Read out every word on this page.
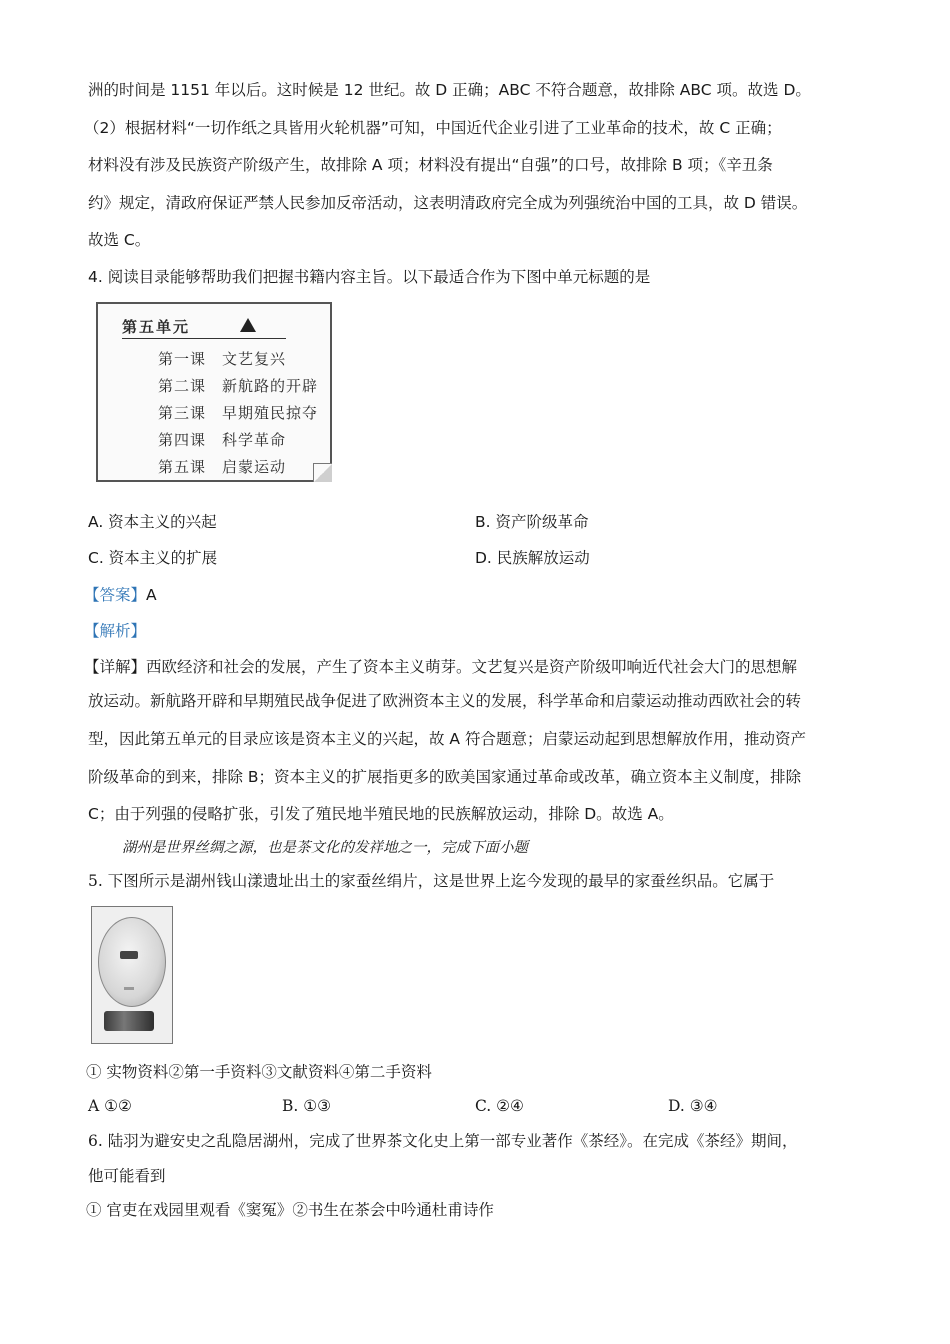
洲的时间是 1151 年以后。这时候是 12 世纪。故 D 正确；ABC 不符合题意，故排除 ABC 项。故选 D。
（2）根据材料“一切作纸之具皆用火轮机器”可知，中国近代企业引进了工业革命的技术，故 C 正确；
材料没有涉及民族资产阶级产生，故排除 A 项；材料没有提出“自强”的口号，故排除 B 项；《辛丑条
约》规定，清政府保证严禁人民参加反帝活动，这表明清政府完全成为列强统治中国的工具，故 D 错误。
故选 C。
4. 阅读目录能够帮助我们把握书籍内容主旨。以下最适合作为下图中单元标题的是
第五单元
第一课 文艺复兴
第二课 新航路的开辟
第三课 早期殖民掠夺
第四课 科学革命
第五课 启蒙运动
A. 资本主义的兴起	B. 资产阶级革命
C. 资本主义的扩展	D. 民族解放运动
【答案】A
【解析】
【详解】西欧经济和社会的发展，产生了资本主义萌芽。文艺复兴是资产阶级叩响近代社会大门的思想解
放运动。新航路开辟和早期殖民战争促进了欧洲资本主义的发展，科学革命和启蒙运动推动西欧社会的转
型，因此第五单元的目录应该是资本主义的兴起，故 A 符合题意；启蒙运动起到思想解放作用，推动资产
阶级革命的到来，排除 B；资本主义的扩展指更多的欧美国家通过革命或改革，确立资本主义制度，排除
C；由于列强的侵略扩张，引发了殖民地半殖民地的民族解放运动，排除 D。故选 A。
湖州是世界丝绸之源，也是茶文化的发祥地之一，完成下面小题
5. 下图所示是湖州钱山漾遗址出土的家蚕丝绢片，这是世界上迄今发现的最早的家蚕丝织品。它属于
① 实物资料②第一手资料③文献资料④第二手资料
A ①②	B. ①③	C. ②④	D. ③④
6. 陆羽为避安史之乱隐居湖州，完成了世界茶文化史上第一部专业著作《茶经》。在完成《茶经》期间，
他可能看到
① 官吏在戏园里观看《窦冤》②书生在茶会中吟通杜甫诗作
